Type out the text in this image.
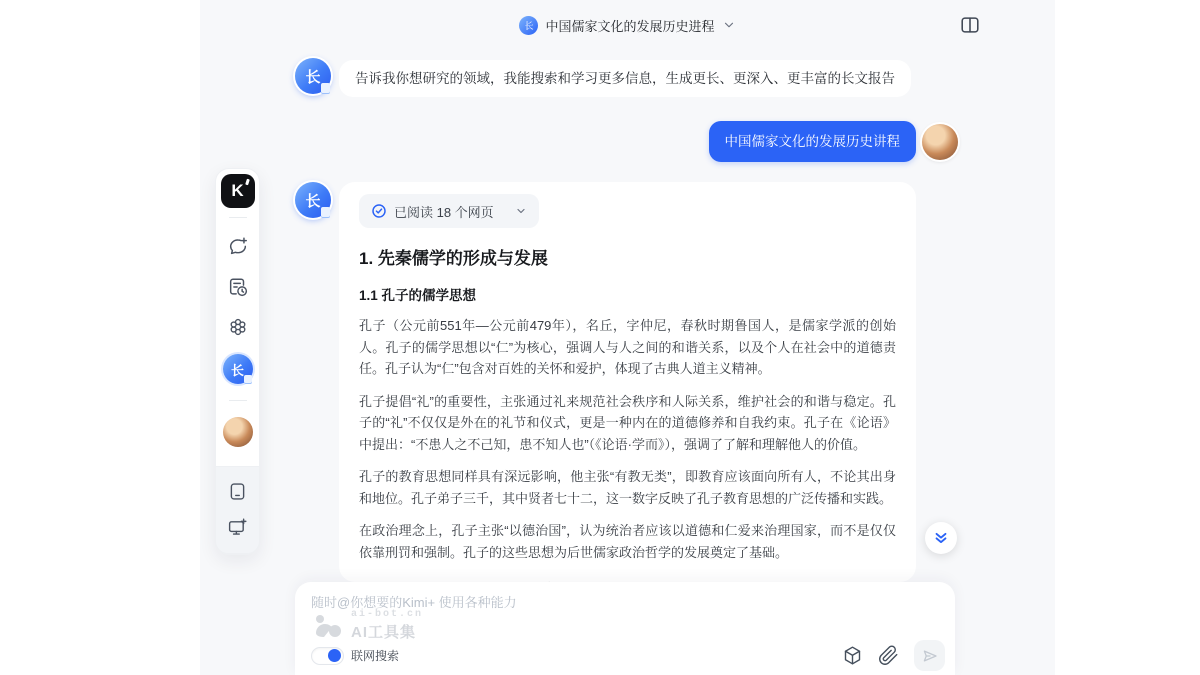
长 中国儒家文化的发展历史进程
长	告诉我你想研究的领域，我能搜索和学习更多信息，生成更长、更深入、更丰富的长文报告
中国儒家文化的发展历史讲程
长
已阅读 18 个网页
1. 先秦儒学的形成与发展
1.1 孔子的儒学思想

孔子（公元前551年—公元前479年），名丘，字仲尼，春秋时期鲁国人，是儒家学派的创始人。孔子的儒学思想以“仁”为核心，强调人与人之间的和谐关系，以及个人在社会中的道德责任。孔子认为“仁”包含对百姓的关怀和爱护，体现了古典人道主义精神。

孔子提倡“礼”的重要性，主张通过礼来规范社会秩序和人际关系，维护社会的和谐与稳定。孔子的“礼”不仅仅是外在的礼节和仪式，更是一种内在的道德修养和自我约束。孔子在《论语》中提出：“不患人之不己知，患不知人也”（《论语·学而》），强调了了解和理解他人的价值。

孔子的教育思想同样具有深远影响，他主张“有教无类”，即教育应该面向所有人，不论其出身和地位。孔子弟子三千，其中贤者七十二，这一数字反映了孔子教育思想的广泛传播和实践。

在政治理念上，孔子主张“以德治国”，认为统治者应该以道德和仁爱来治理国家，而不是仅仅依靠刑罚和强制。孔子的这些思想为后世儒家政治哲学的发展奠定了基础。

随时@你想要的Kimi+ 使用各种能力
ai-bot.cn
AI工具集
联网搜索
K
长
